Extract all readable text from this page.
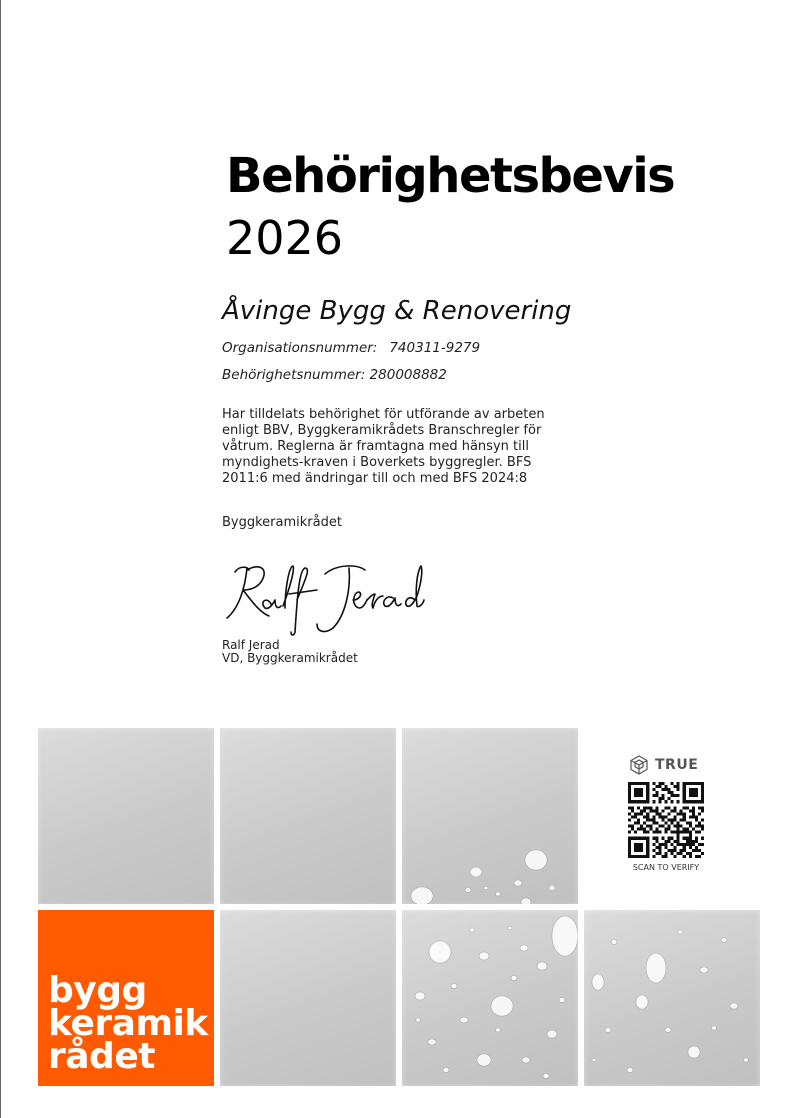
Behörighetsbevis
2026
Åvinge Bygg & Renovering
Organisationsnummer: 740311-9279
Behörighetsnummer: 280008882
Har tilldelats behörighet för utförande av arbeten enligt BBV, Byggkeramikrådets Branschregler för våtrum. Reglerna är framtagna med hänsyn till myndighets-kraven i Boverkets byggregler. BFS 2011:6 med ändringar till och med BFS 2024:8
Byggkeramikrådet
Ralf Jerad
VD, Byggkeramikrådet
bygg
keramik
rådet
TRUE
SCAN TO VERIFY
